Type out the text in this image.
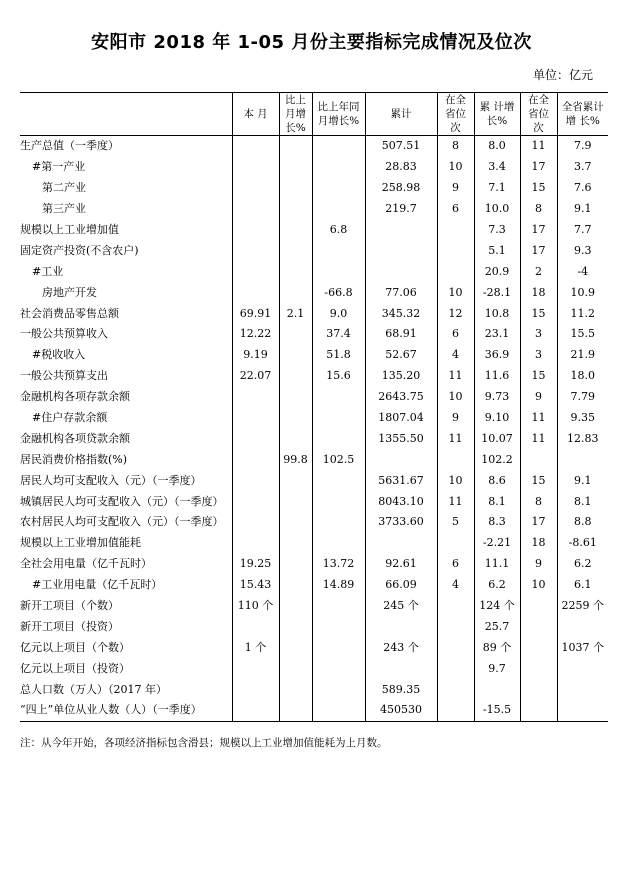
安阳市 2018 年 1-05 月份主要指标完成情况及位次
单位：亿元
	本 月	比上月增长%	比上年同月增长%	累计	在全省位次	累 计增长%	在全省位次	全省累计增 长%
生产总值（一季度）				507.51	8	8.0	11	7.9
#第一产业				28.83	10	3.4	17	3.7
第二产业				258.98	9	7.1	15	7.6
第三产业				219.7	6	10.0	8	9.1
规模以上工业增加值			6.8			7.3	17	7.7
固定资产投资(不含农户)						5.1	17	9.3
#工业						20.9	2	-4
房地产开发			-66.8	77.06	10	-28.1	18	10.9
社会消费品零售总额	69.91	2.1	9.0	345.32	12	10.8	15	11.2
一般公共预算收入	12.22		37.4	68.91	6	23.1	3	15.5
#税收收入	9.19		51.8	52.67	4	36.9	3	21.9
一般公共预算支出	22.07		15.6	135.20	11	11.6	15	18.0
金融机构各项存款余额				2643.75	10	9.73	9	7.79
#住户存款余额				1807.04	9	9.10	11	9.35
金融机构各项贷款余额				1355.50	11	10.07	11	12.83
居民消费价格指数(%)		99.8	102.5			102.2		
居民人均可支配收入（元）（一季度）				5631.67	10	8.6	15	9.1
城镇居民人均可支配收入（元）（一季度）				8043.10	11	8.1	8	8.1
农村居民人均可支配收入（元）（一季度）				3733.60	5	8.3	17	8.8
规模以上工业增加值能耗						-2.21	18	-8.61
全社会用电量（亿千瓦时）	19.25		13.72	92.61	6	11.1	9	6.2
#工业用电量（亿千瓦时）	15.43		14.89	66.09	4	6.2	10	6.1
新开工项目（个数）	110 个			245 个		124 个		2259 个
新开工项目（投资）						25.7		
亿元以上项目（个数）	1 个			243 个		89 个		1037 个
亿元以上项目（投资）						9.7		
总人口数（万人）（2017 年）				589.35				
“四上”单位从业人数（人）（一季度）				450530		-15.5		
注：从今年开始，各项经济指标包含滑县；规模以上工业增加值能耗为上月数。
